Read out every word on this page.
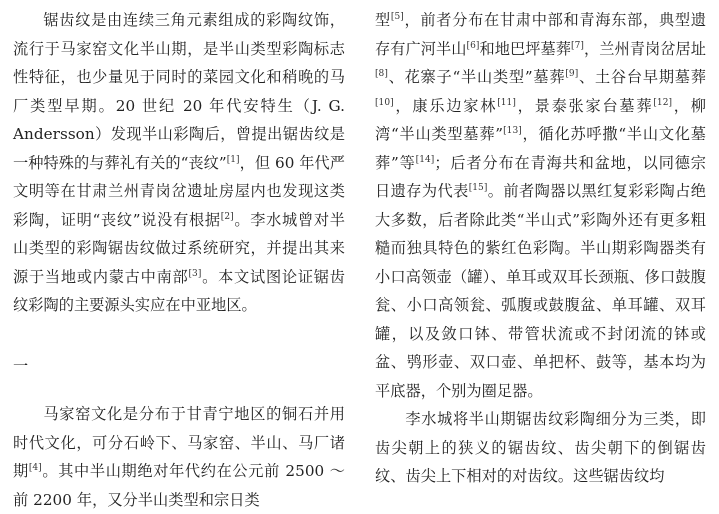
锯齿纹是由连续三角元素组成的彩陶纹饰，流行于马家窑文化半山期，是半山类型彩陶标志性特征，也少量见于同时的菜园文化和稍晚的马厂类型早期。20 世纪 20 年代安特生（J. G. Andersson）发现半山彩陶后，曾提出锯齿纹是一种特殊的与葬礼有关的“丧纹”[1]，但 60 年代严文明等在甘肃兰州青岗岔遗址房屋内也发现这类彩陶，证明“丧纹”说没有根据[2]。李水城曾对半山类型的彩陶锯齿纹做过系统研究，并提出其来源于当地或内蒙古中南部[3]。本文试图论证锯齿纹彩陶的主要源头实应在中亚地区。

一

马家窑文化是分布于甘青宁地区的铜石并用时代文化，可分石岭下、马家窑、半山、马厂诸期[4]。其中半山期绝对年代约在公元前 2500 ～前 2200 年，又分半山类型和宗日类

型[5]，前者分布在甘肃中部和青海东部，典型遗存有广河半山[6]和地巴坪墓葬[7]，兰州青岗岔居址[8]、花寨子“半山类型”墓葬[9]、土谷台早期墓葬[10]，康乐边家林[11]，景泰张家台墓葬[12]，柳湾“半山类型墓葬”[13]，循化苏呼撒“半山文化墓葬”等[14]；后者分布在青海共和盆地，以同德宗日遗存为代表[15]。前者陶器以黑红复彩彩陶占绝大多数，后者除此类“半山式”彩陶外还有更多粗糙而独具特色的紫红色彩陶。半山期彩陶器类有小口高领壶（罐）、单耳或双耳长颈瓶、侈口鼓腹瓮、小口高领瓮、弧腹或鼓腹盆、单耳罐、双耳罐，以及敛口钵、带管状流或不封闭流的钵或盆、鸮形壶、双口壶、单把杯、鼓等，基本均为平底器，个别为圈足器。

李水城将半山期锯齿纹彩陶细分为三类，即齿尖朝上的狭义的锯齿纹、齿尖朝下的倒锯齿纹、齿尖上下相对的对齿纹。这些锯齿纹均
